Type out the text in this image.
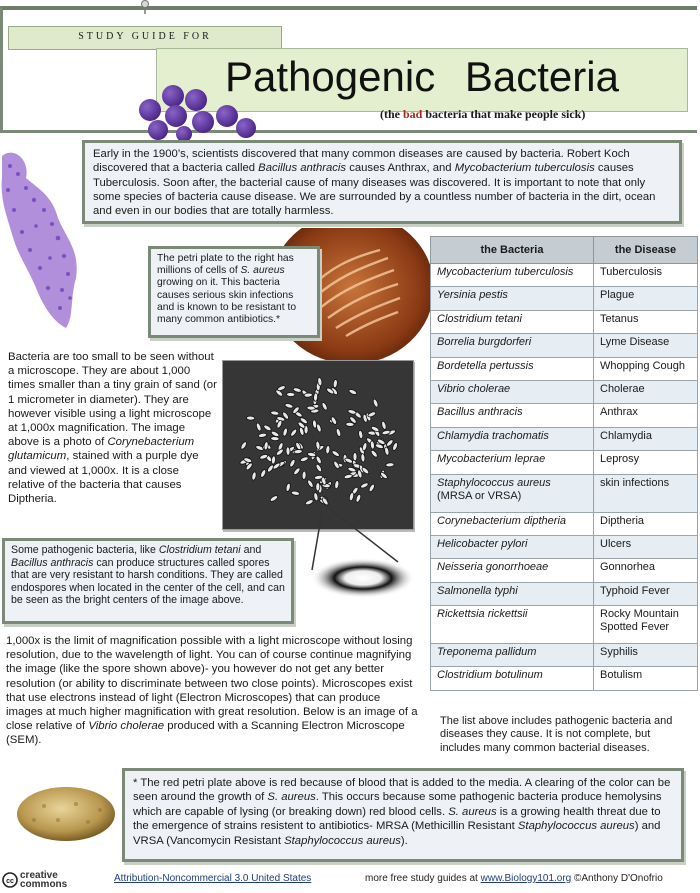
STUDY GUIDE FOR
Pathogenic Bacteria
(the bad bacteria that make people sick)
Early in the 1900’s, scientists discovered that many common diseases are caused by bacteria. Robert Koch discovered that a bacteria called Bacillus anthracis causes Anthrax, and Mycobacterium tuberculosis causes Tuberculosis. Soon after, the bacterial cause of many diseases was discovered. It is important to note that only some species of bacteria cause disease. We are surrounded by a countless number of bacteria in the dirt, ocean and even in our bodies that are totally harmless.
The petri plate to the right has millions of cells of S. aureus growing on it. This bacteria causes serious skin infections and is known to be resistant to many common antibiotics.*
Bacteria are too small to be seen without a microscope. They are about 1,000 times smaller than a tiny grain of sand (or 1 micrometer in diameter). They are however visible using a light microscope at 1,000x magnification. The image above is a photo of Corynebacterium glutamicum, stained with a purple dye and viewed at 1,000x. It is a close relative of the bacteria that causes Diptheria.
Some pathogenic bacteria, like Clostridium tetani and Bacillus anthracis can produce structures called spores that are very resistant to harsh conditions. They are called endospores when located in the center of the cell, and can be seen as the bright centers of the image above.
1,000x is the limit of magnification possible with a light microscope without losing resolution, due to the wavelength of light. You can of course continue magnifying the image (like the spore shown above)- you however do not get any better resolution (or ability to discriminate between two close points). Microscopes exist that use electrons instead of light (Electron Microscopes) that can produce images at much higher magnification with great resolution. Below is an image of a close relative of Vibrio cholerae produced with a Scanning Electron Microscope (SEM).
the Bacteria	the Disease
Mycobacterium tuberculosis	Tuberculosis
Yersinia pestis	Plague
Clostridium tetani	Tetanus
Borrelia burgdorferi	Lyme Disease
Bordetella pertussis	Whopping Cough
Vibrio cholerae	Cholerae
Bacillus anthracis	Anthrax
Chlamydia trachomatis	Chlamydia
Mycobacterium leprae	Leprosy
Staphylococcus aureus
(MRSA or VRSA)	skin infections
Corynebacterium diptheria	Diptheria
Helicobacter pylori	Ulcers
Neisseria gonorrhoeae	Gonnorhea
Salmonella typhi	Typhoid Fever
Rickettsia rickettsii	Rocky Mountain
Spotted Fever
Treponema pallidum	Syphilis
Clostridium botulinum	Botulism
The list above includes pathogenic bacteria and diseases they cause. It is not complete, but includes many common bacterial diseases.
* The red petri plate above is red because of blood that is added to the media. A clearing of the color can be seen around the growth of S. aureus. This occurs because some pathogenic bacteria produce hemolysins which are capable of lysing (or breaking down) red blood cells. S. aureus is a growing health threat due to the emergence of strains resistent to antibiotics- MRSA (Methicillin Resistant Staphylococcus aureus) and VRSA (Vancomycin Resistant Staphylococcus aureus).
cc
creative
commons
Attribution-Noncommercial 3.0 United States	more free study guides at www.Biology101.org ©Anthony D'Onofrio
